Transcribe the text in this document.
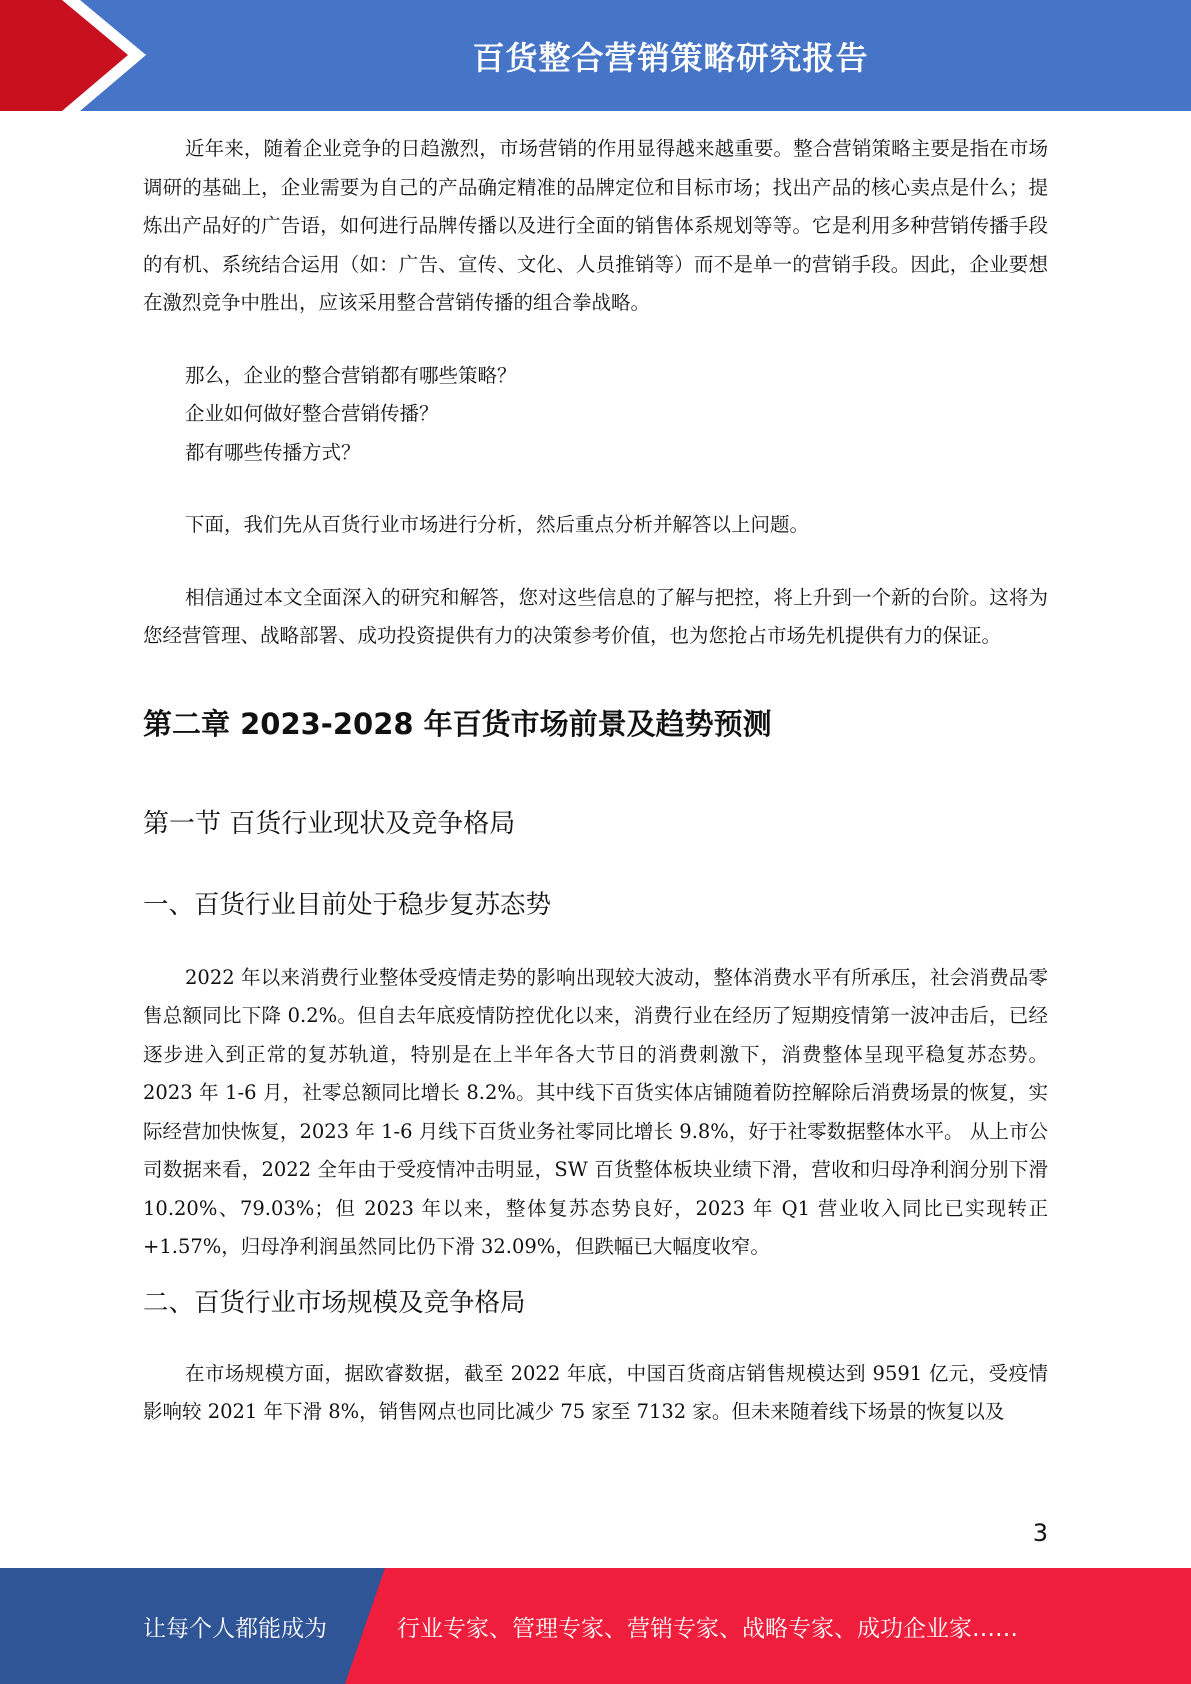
百货整合营销策略研究报告

近年来，随着企业竞争的日趋激烈，市场营销的作用显得越来越重要。整合营销策略主要是指在市场调研的基础上，企业需要为自己的产品确定精准的品牌定位和目标市场；找出产品的核心卖点是什么；提炼出产品好的广告语，如何进行品牌传播以及进行全面的销售体系规划等等。它是利用多种营销传播手段的有机、系统结合运用（如：广告、宣传、文化、人员推销等）而不是单一的营销手段。因此，企业要想在激烈竞争中胜出，应该采用整合营销传播的组合拳战略。

那么，企业的整合营销都有哪些策略？

企业如何做好整合营销传播？

都有哪些传播方式？

下面，我们先从百货行业市场进行分析，然后重点分析并解答以上问题。

相信通过本文全面深入的研究和解答，您对这些信息的了解与把控，将上升到一个新的台阶。这将为您经营管理、战略部署、成功投资提供有力的决策参考价值，也为您抢占市场先机提供有力的保证。

第二章 2023-2028 年百货市场前景及趋势预测
第一节 百货行业现状及竞争格局
一、百货行业目前处于稳步复苏态势

2022 年以来消费行业整体受疫情走势的影响出现较大波动，整体消费水平有所承压，社会消费品零售总额同比下降 0.2%。但自去年底疫情防控优化以来，消费行业在经历了短期疫情第一波冲击后，已经逐步进入到正常的复苏轨道，特别是在上半年各大节日的消费刺激下，消费整体呈现平稳复苏态势。2023 年 1-6 月，社零总额同比增长 8.2%。其中线下百货实体店铺随着防控解除后消费场景的恢复，实际经营加快恢复，2023 年 1-6 月线下百货业务社零同比增长 9.8%，好于社零数据整体水平。 从上市公司数据来看，2022 全年由于受疫情冲击明显，SW 百货整体板块业绩下滑，营收和归母净利润分别下滑 10.20%、79.03%；但 2023 年以来，整体复苏态势良好，2023 年 Q1 营业收入同比已实现转正+1.57%，归母净利润虽然同比仍下滑 32.09%，但跌幅已大幅度收窄。

二、百货行业市场规模及竞争格局

在市场规模方面，据欧睿数据，截至 2022 年底，中国百货商店销售规模达到 9591 亿元，受疫情影响较 2021 年下滑 8%，销售网点也同比减少 75 家至 7132 家。但未来随着线下场景的恢复以及

3
让每个人都能成为	行业专家、管理专家、营销专家、战略专家、成功企业家……
